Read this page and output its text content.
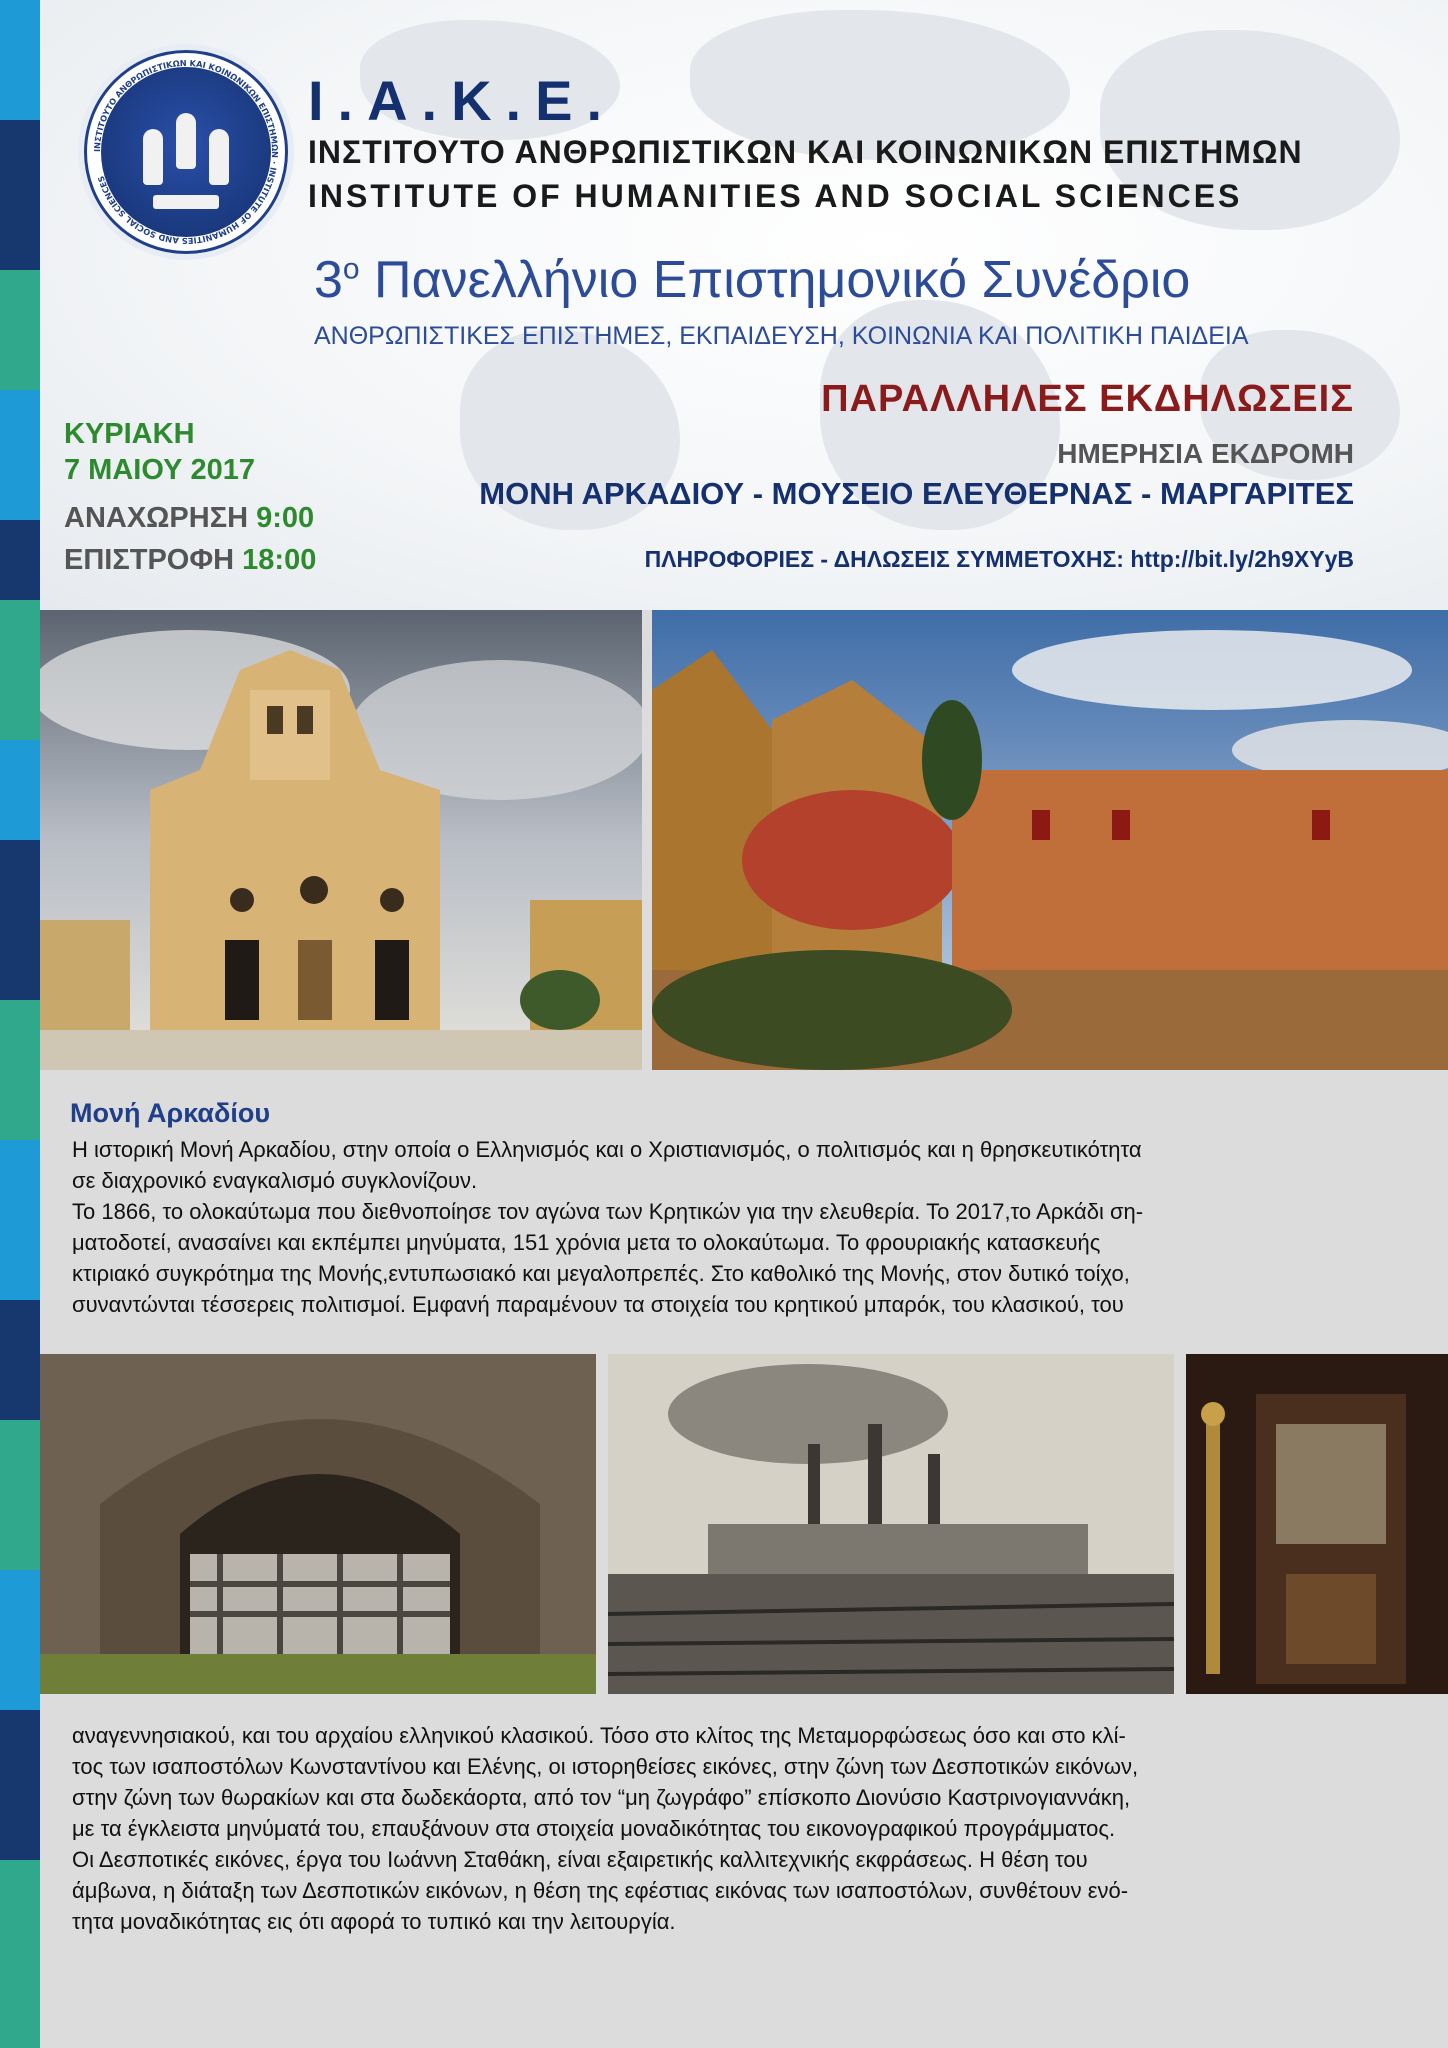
ΙΝΣΤΙΤΟΥΤΟ ΑΝΘΡΩΠΙΣΤΙΚΩΝ ΚΑΙ ΚΟΙΝΩΝΙΚΩΝ ΕΠΙΣΤΗΜΩΝ · INSTITUTE OF HUMANITIES AND SOCIAL SCIENCES
I.A.K.E.
ΙΝΣΤΙΤΟΥΤΟ ΑΝΘΡΩΠΙΣΤΙΚΩΝ ΚΑΙ ΚΟΙΝΩΝΙΚΩΝ ΕΠΙΣΤΗΜΩΝ
INSTITUTE OF HUMANITIES AND SOCIAL SCIENCES
$3^o$ Πανελλήνιο Επιστημονικό Συνέδριο
ΑΝΘΡΩΠΙΣΤΙΚΕΣ ΕΠΙΣΤΗΜΕΣ, ΕΚΠΑΙΔΕΥΣΗ, ΚΟΙΝΩΝΙΑ ΚΑΙ ΠΟΛΙΤΙΚΗ ΠΑΙΔΕΙΑ
ΠΑΡΑΛΛΗΛΕΣ ΕΚΔΗΛΩΣΕΙΣ
ΗΜΕΡΗΣΙΑ ΕΚΔΡΟΜΗ
ΜΟΝΗ ΑΡΚΑΔΙΟΥ - ΜΟΥΣΕΙΟ ΕΛΕΥΘΕΡΝΑΣ - ΜΑΡΓΑΡΙΤΕΣ
ΠΛΗΡΟΦΟΡΙΕΣ - ΔΗΛΩΣΕΙΣ ΣΥΜΜΕΤΟΧΗΣ: http://bit.ly/2h9XYyB
ΚΥΡΙΑΚΗ
7 ΜΑΙΟΥ 2017
ΑΝΑΧΩΡΗΣΗ 9:00
ΕΠΙΣΤΡΟΦΗ 18:00
Μονή Αρκαδίου
Η ιστορική Μονή Αρκαδίου, στην οποία ο Ελληνισμός και ο Χριστιανισμός, ο πολιτισμός και η θρησκευτικότητα
σε διαχρονικό εναγκαλισμό συγκλονίζουν.
Το 1866, το ολοκαύτωμα που διεθνοποίησε τον αγώνα των Κρητικών για την ελευθερία. Το 2017,το Αρκάδι ση-
ματοδοτεί, ανασαίνει και εκπέμπει μηνύματα, 151 χρόνια μετα το ολοκαύτωμα. Το φρουριακής κατασκευής
κτιριακό συγκρότημα της Μονής,εντυπωσιακό και μεγαλοπρεπές. Στο καθολικό της Μονής, στον δυτικό τοίχο,
συναντώνται τέσσερεις πολιτισμοί. Εμφανή παραμένουν τα στοιχεία του κρητικού μπαρόκ, του κλασικού, του
αναγεννησιακού, και του αρχαίου ελληνικού κλασικού. Τόσο στο κλίτος της Μεταμορφώσεως όσο και στο κλί-
τος των ισαποστόλων Κωνσταντίνου και Ελένης, οι ιστορηθείσες εικόνες, στην ζώνη των Δεσποτικών εικόνων,
στην ζώνη των θωρακίων και στα δωδεκάορτα, από τον “μη ζωγράφο” επίσκοπο Διονύσιο Καστρινογιαννάκη,
με τα έγκλειστα μηνύματά του, επαυξάνουν στα στοιχεία μοναδικότητας του εικονογραφικού προγράμματος.
Οι Δεσποτικές εικόνες, έργα του Ιωάννη Σταθάκη, είναι εξαιρετικής καλλιτεχνικής εκφράσεως. Η θέση του
άμβωνα, η διάταξη των Δεσποτικών εικόνων, η θέση της εφέστιας εικόνας των ισαποστόλων, συνθέτουν ενό-
τητα μοναδικότητας εις ότι αφορά το τυπικό και την λειτουργία.
